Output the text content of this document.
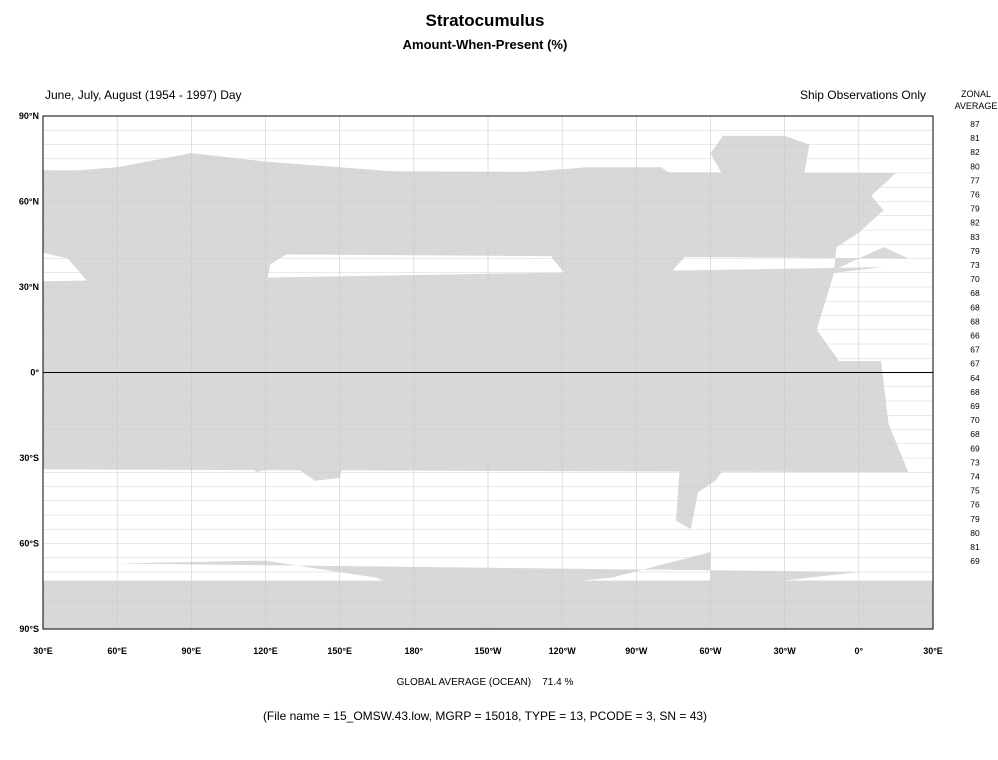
Stratocumulus
Amount-When-Present (%)
June, July, August (1954 - 1997) Day	Ship Observations Only	ZONAL
AVERAGE
90°N
60°N
30°N
0°
30°S
60°S
90°S
30°E	60°E	90°E	120°E	150°E	180°	150°W	120°W	90°W	60°W	30°W	0°	30°E
87
81
82
80
77
76
79
82
83
79
73
70
68
68
68
66
67
67
64
68
69
70
68
69
73
74
75
76
79
80
81
69
GLOBAL AVERAGE (OCEAN) 71.4 %
(File name = 15_OMSW.43.low, MGRP = 15018, TYPE = 13, PCODE = 3, SN = 43)
